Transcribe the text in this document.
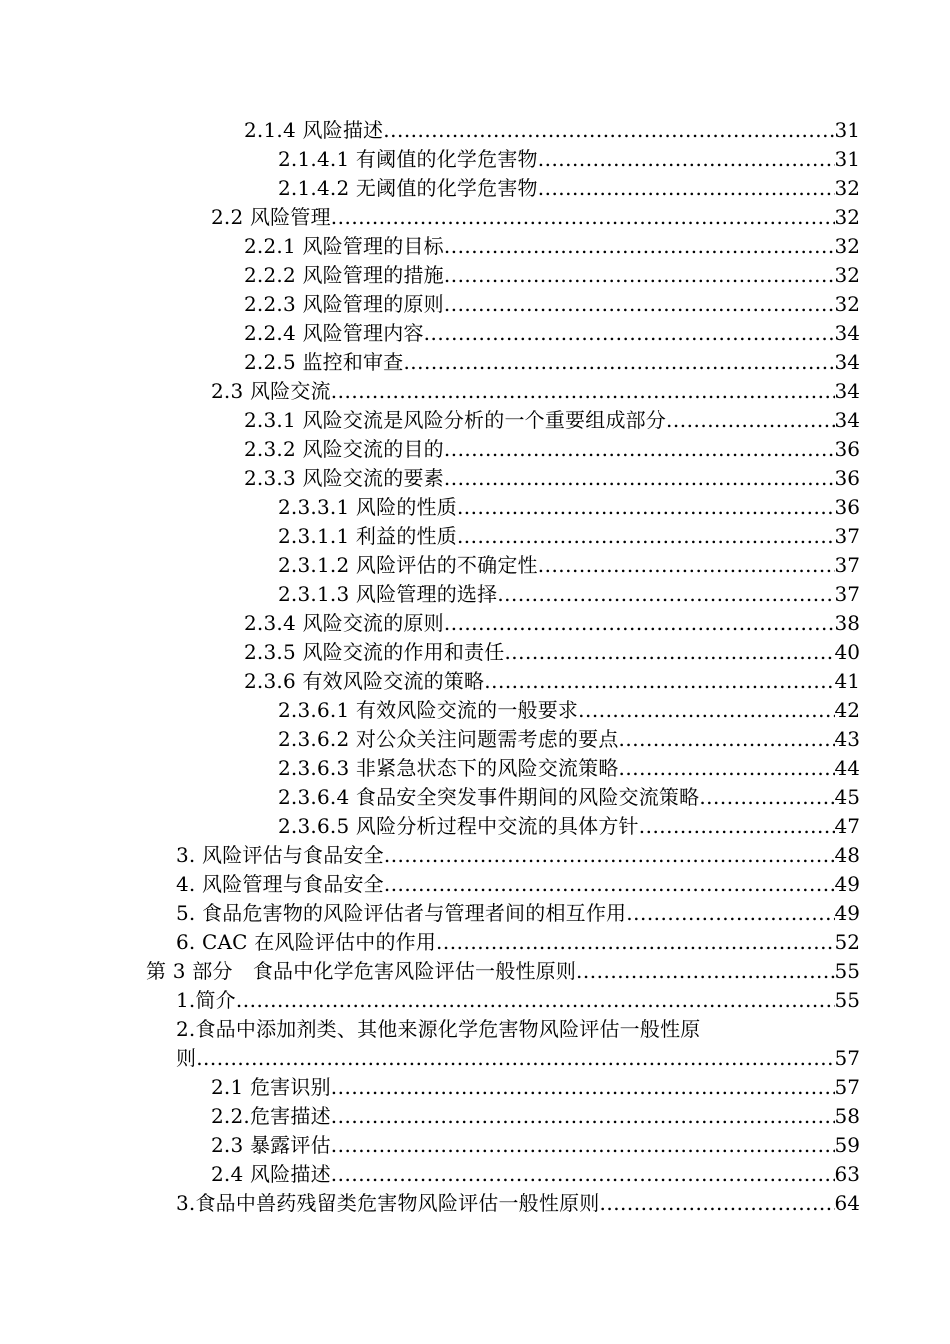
2.1.4 风险描述 .....	31
2.1.4.1 有阈值的化学危害物 .....	31
2.1.4.2 无阈值的化学危害物 .....	32
2.2 风险管理 .....	32
2.2.1 风险管理的目标 .....	32
2.2.2 风险管理的措施 .....	32
2.2.3 风险管理的原则 .....	32
2.2.4 风险管理内容 .....	34
2.2.5 监控和审查 .....	34
2.3 风险交流 .....	34
2.3.1 风险交流是风险分析的一个重要组成部分 .....	34
2.3.2 风险交流的目的 .....	36
2.3.3 风险交流的要素 .....	36
2.3.3.1 风险的性质 .....	36
2.3.1.1 利益的性质 .....	37
2.3.1.2 风险评估的不确定性 .....	37
2.3.1.3 风险管理的选择 .....	37
2.3.4 风险交流的原则 .....	38
2.3.5 风险交流的作用和责任 .....	40
2.3.6 有效风险交流的策略 .....	41
2.3.6.1 有效风险交流的一般要求 .....	42
2.3.6.2 对公众关注问题需考虑的要点 .....	43
2.3.6.3 非紧急状态下的风险交流策略 .....	44
2.3.6.4 食品安全突发事件期间的风险交流策略 .....	45
2.3.6.5 风险分析过程中交流的具体方针 .....	47
3. 风险评估与食品安全 .....	48
4. 风险管理与食品安全 .....	49
5. 食品危害物的风险评估者与管理者间的相互作用 .....	49
6. CAC 在风险评估中的作用 .....	52
第 3 部分　食品中化学危害风险评估一般性原则 .....	55
1.简介 .....	55
2.食品中添加剂类、其他来源化学危害物风险评估一般性原
则 .....	57
2.1 危害识别 .....	57
2.2.危害描述 .....	58
2.3 暴露评估 .....	59
2.4 风险描述 .....	63
3.食品中兽药残留类危害物风险评估一般性原则 .....	64
